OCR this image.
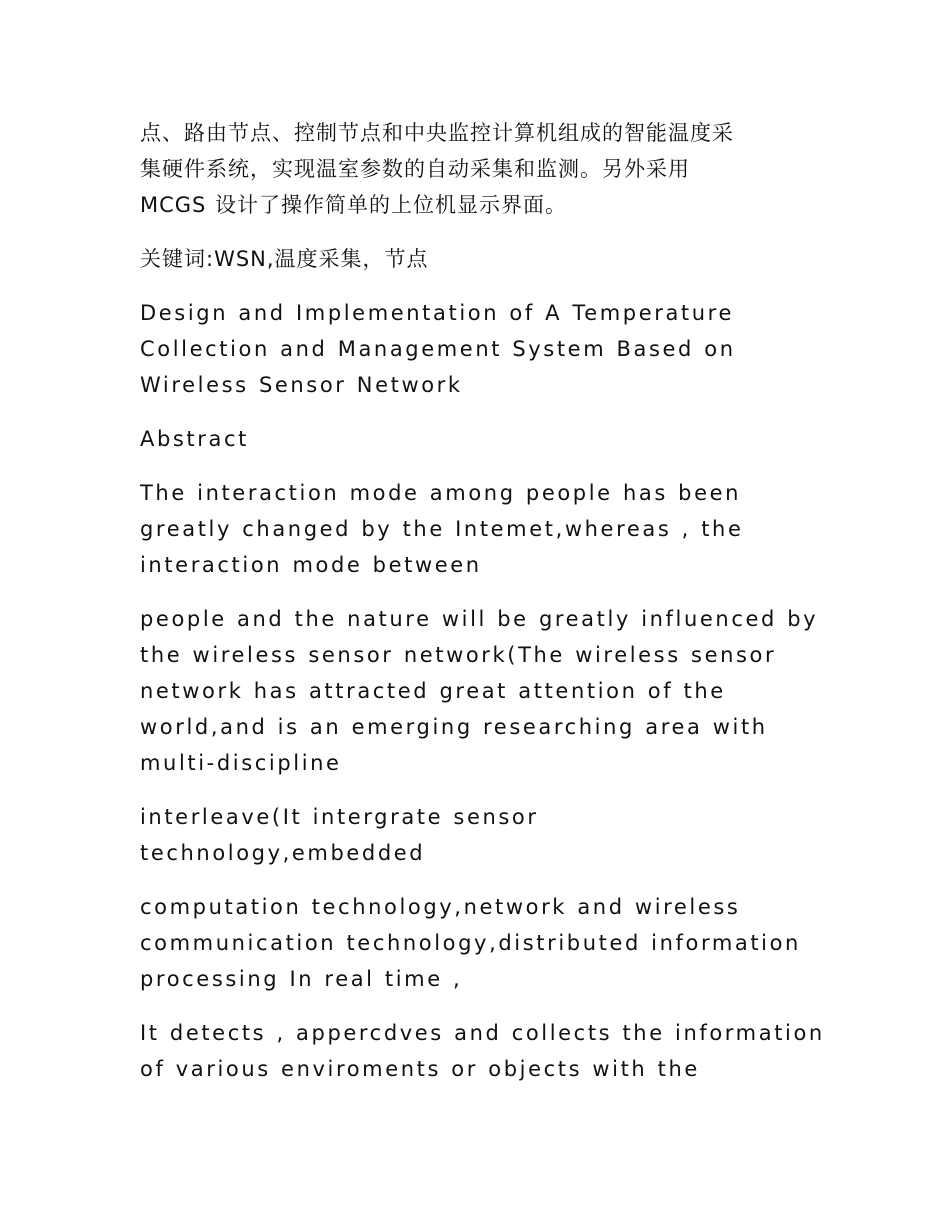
点、路由节点、控制节点和中央监控计算机组成的智能温度采
集硬件系统，实现温室参数的自动采集和监测。另外采用
MCGS 设计了操作简单的上位机显示界面。

关键词:WSN,温度采集，节点

Design and Implementation of A Temperature
Collection and Management System Based on
Wireless Sensor Network

Abstract

The interaction mode among people has been
greatly changed by the Intemet,whereas , the
interaction mode between

people and the nature will be greatly influenced by
the wireless sensor network(The wireless sensor
network has attracted great attention of the
world,and is an emerging researching area with
multi-discipline

interleave(It intergrate sensor
technology,embedded

computation technology,network and wireless
communication technology,distributed information
processing In real time ,

It detects , appercdves and collects the information
of various enviroments or objects with the
